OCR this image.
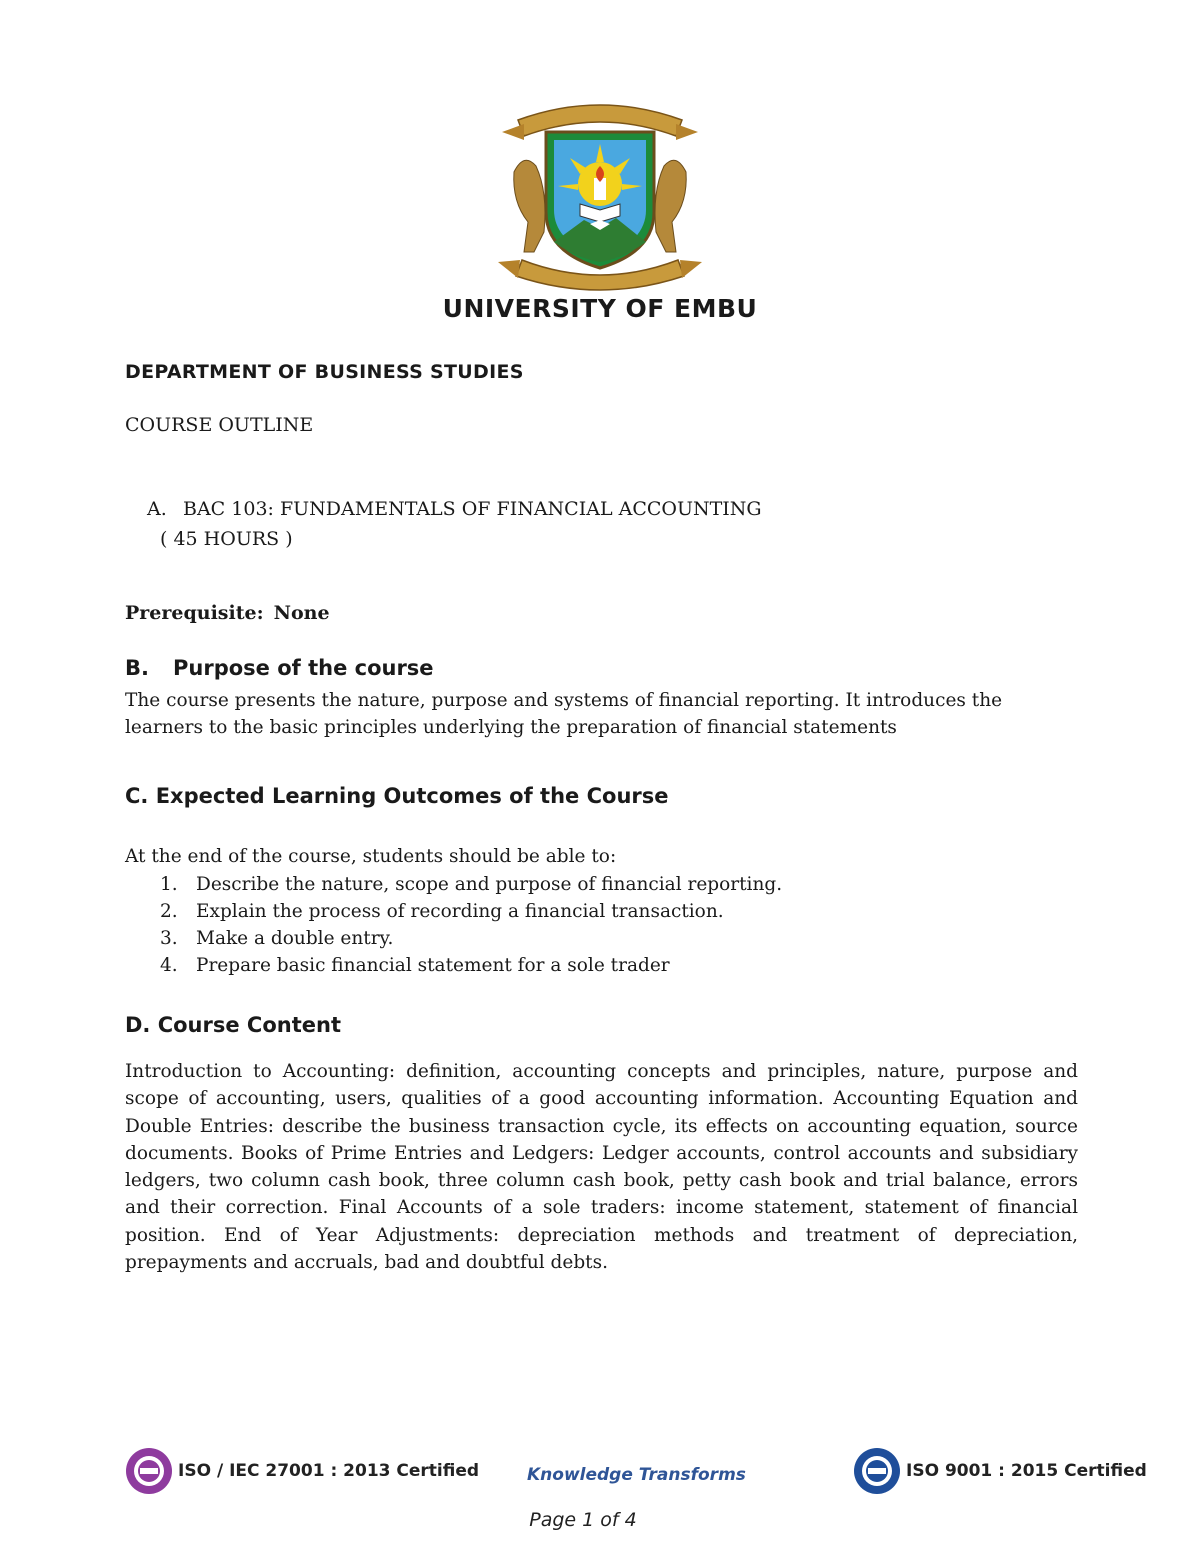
UNIVERSITY OF EMBU
DEPARTMENT OF BUSINESS STUDIES
COURSE OUTLINE
A. BAC 103: FUNDAMENTALS OF FINANCIAL ACCOUNTING
( 45 HOURS )
Prerequisite: None
B. Purpose of the course
The course presents the nature, purpose and systems of financial reporting. It introduces the learners to the basic principles underlying the preparation of financial statements
C. Expected Learning Outcomes of the Course
At the end of the course, students should be able to:
1. Describe the nature, scope and purpose of financial reporting.
2. Explain the process of recording a financial transaction.
3. Make a double entry.
4. Prepare basic financial statement for a sole trader
D. Course Content
Introduction to Accounting: definition, accounting concepts and principles, nature, purpose and scope of accounting, users, qualities of a good accounting information. Accounting Equation and Double Entries: describe the business transaction cycle, its effects on accounting equation, source documents. Books of Prime Entries and Ledgers: Ledger accounts, control accounts and subsidiary ledgers, two column cash book, three column cash book, petty cash book and trial balance, errors and their correction. Final Accounts of a sole traders: income statement, statement of financial position. End of Year Adjustments: depreciation methods and treatment of depreciation, prepayments and accruals, bad and doubtful debts.
ISO / IEC 27001 : 2013 Certified	Knowledge Transforms	ISO 9001 : 2015 Certified
Page 1 of 4
